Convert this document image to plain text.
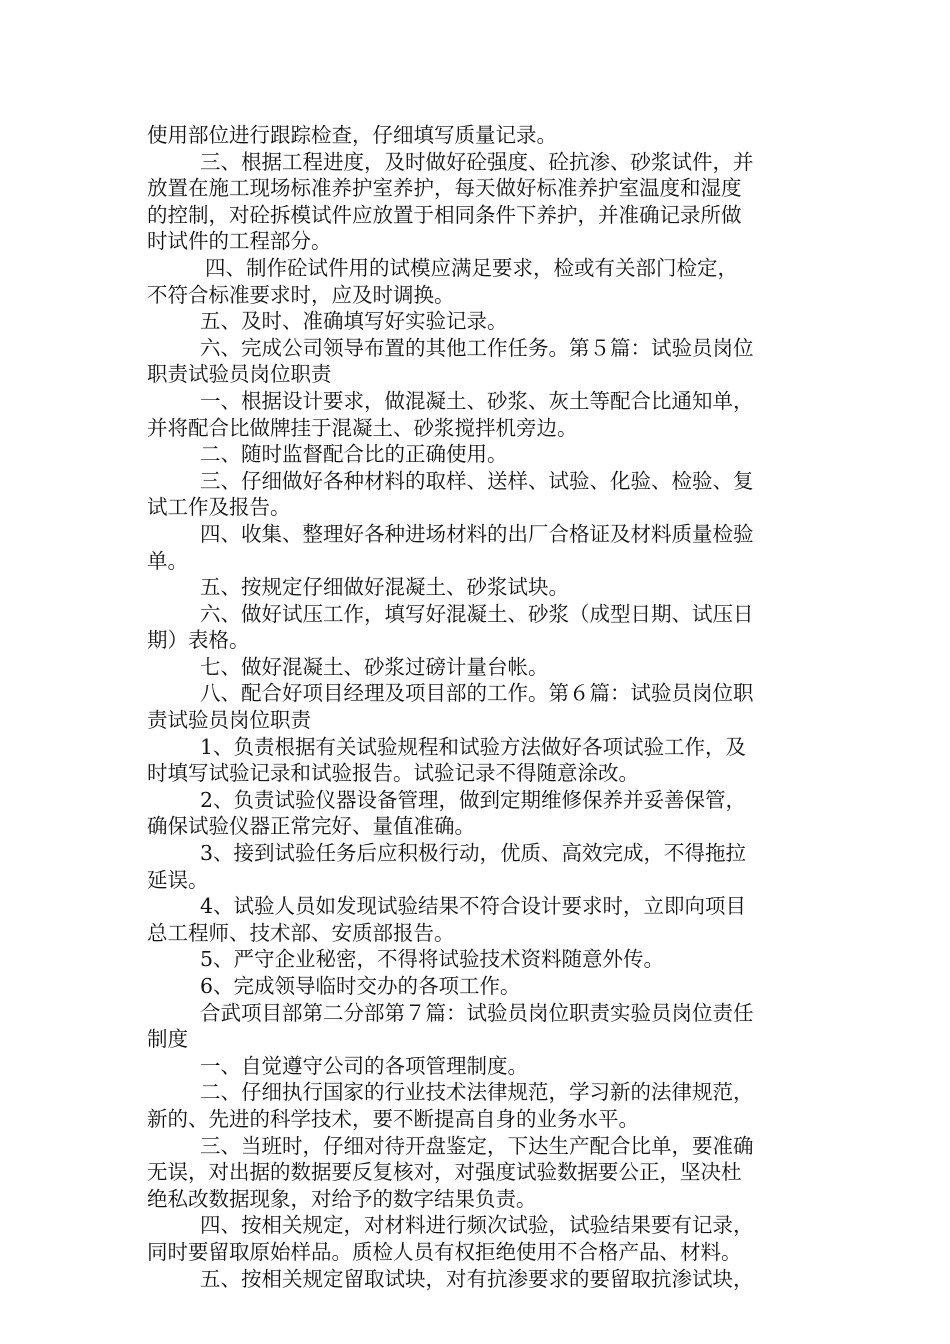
使用部位进行跟踪检查，仔细填写质量记录。
三、根据工程进度，及时做好砼强度、砼抗渗、砂浆试件，并
放置在施工现场标准养护室养护，每天做好标准养护室温度和湿度
的控制，对砼拆模试件应放置于相同条件下养护，并准确记录所做
时试件的工程部分。
四、制作砼试件用的试模应满足要求，检或有关部门检定，
不符合标准要求时，应及时调换。
五、及时、准确填写好实验记录。
六、完成公司领导布置的其他工作任务。第５篇：试验员岗位
职责试验员岗位职责
一、根据设计要求，做混凝土、砂浆、灰土等配合比通知单，
并将配合比做牌挂于混凝土、砂浆搅拌机旁边。
二、随时监督配合比的正确使用。
三、仔细做好各种材料的取样、送样、试验、化验、检验、复
试工作及报告。
四、收集、整理好各种进场材料的出厂合格证及材料质量检验
单。
五、按规定仔细做好混凝土、砂浆试块。
六、做好试压工作，填写好混凝土、砂浆（成型日期、试压日
期）表格。
七、做好混凝土、砂浆过磅计量台帐。
八、配合好项目经理及项目部的工作。第６篇：试验员岗位职
责试验员岗位职责
1、负责根据有关试验规程和试验方法做好各项试验工作，及
时填写试验记录和试验报告。试验记录不得随意涂改。
2、负责试验仪器设备管理，做到定期维修保养并妥善保管，
确保试验仪器正常完好、量值准确。
3、接到试验任务后应积极行动，优质、高效完成，不得拖拉
延误。
4、试验人员如发现试验结果不符合设计要求时，立即向项目
总工程师、技术部、安质部报告。
5、严守企业秘密，不得将试验技术资料随意外传。
6、完成领导临时交办的各项工作。
合武项目部第二分部第７篇：试验员岗位职责实验员岗位责任
制度
一、自觉遵守公司的各项管理制度。
二、仔细执行国家的行业技术法律规范，学习新的法律规范，
新的、先进的科学技术，要不断提高自身的业务水平。
三、当班时，仔细对待开盘鉴定，下达生产配合比单，要准确
无误，对出据的数据要反复核对，对强度试验数据要公正，坚决杜
绝私改数据现象，对给予的数字结果负责。
四、按相关规定，对材料进行频次试验，试验结果要有记录，
同时要留取原始样品。质检人员有权拒绝使用不合格产品、材料。
五、按相关规定留取试块，对有抗渗要求的要留取抗渗试块，
